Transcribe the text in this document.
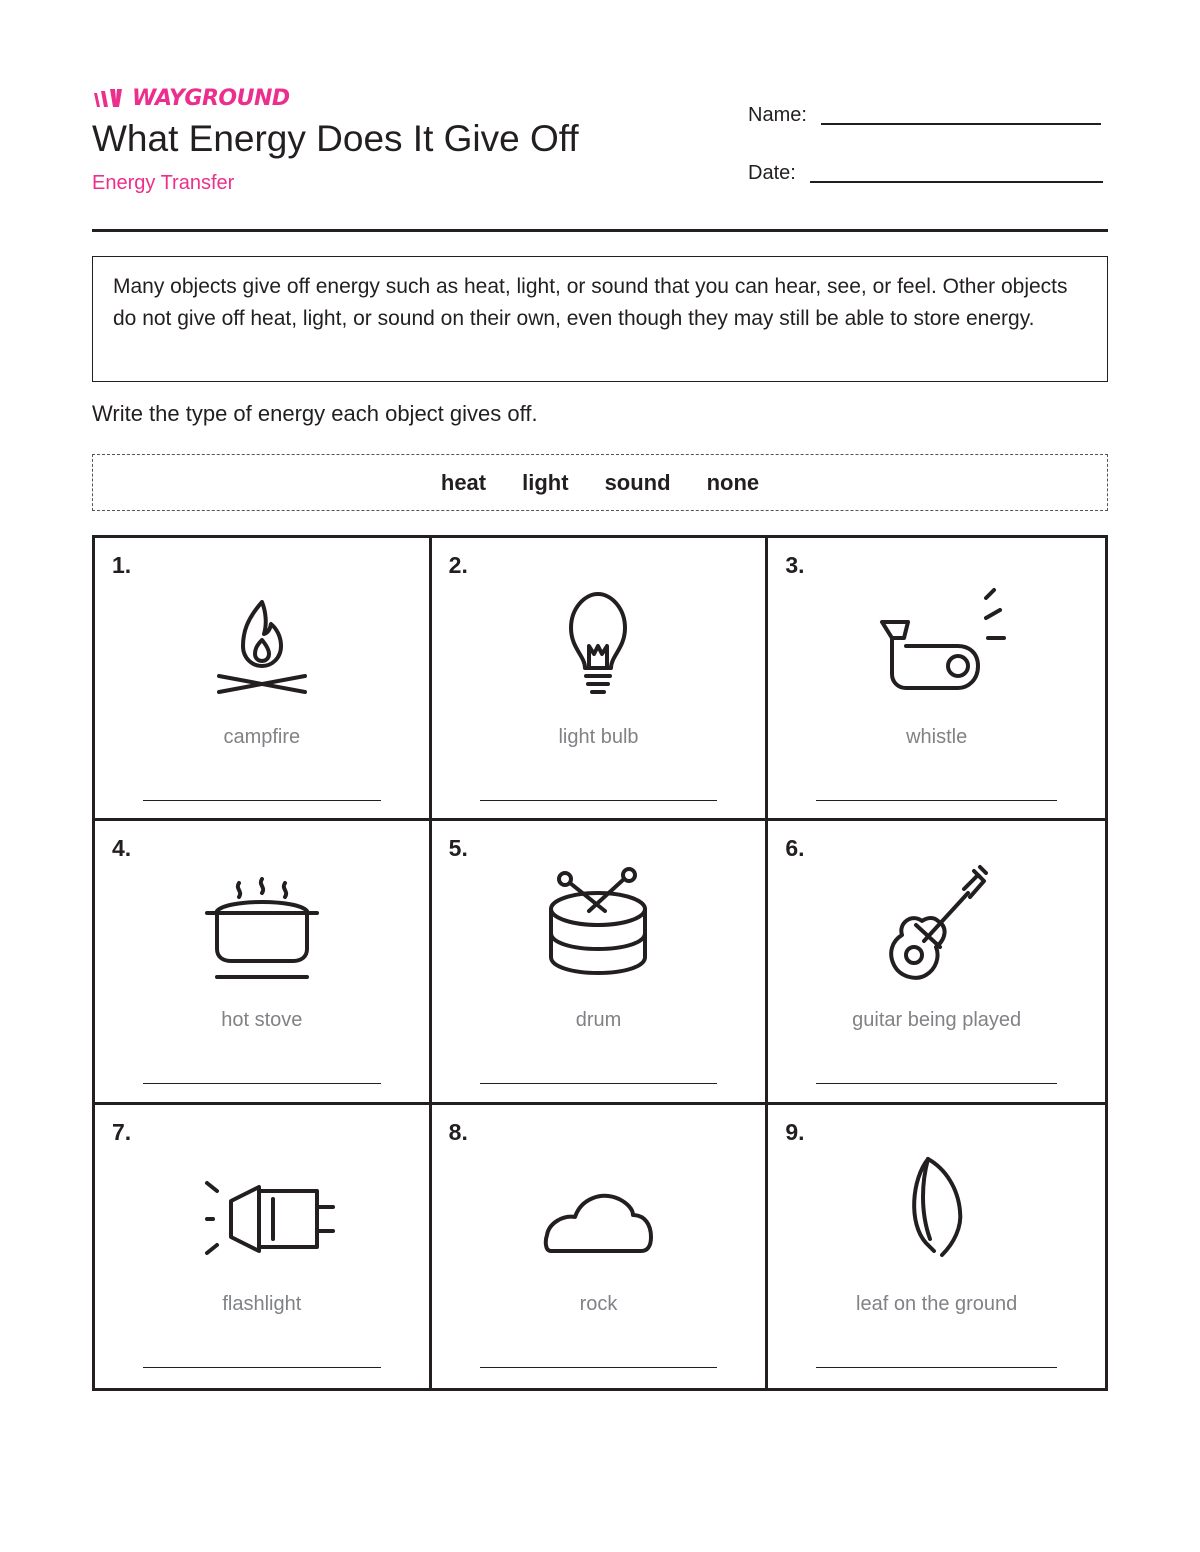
WAYGROUND
What Energy Does It Give Off

Energy Transfer

Name:
Date:
Many objects give off energy such as heat, light, or sound that you can hear, see, or feel. Other objects do not give off heat, light, or sound on their own, even though they may still be able to store energy.

Write the type of energy each object gives off.

heat light sound none
1.
campfire
2.
light bulb
3.
whistle
4.
hot stove
5.
drum
6.
guitar being played
7.
flashlight
8.
rock
9.
leaf on the ground
